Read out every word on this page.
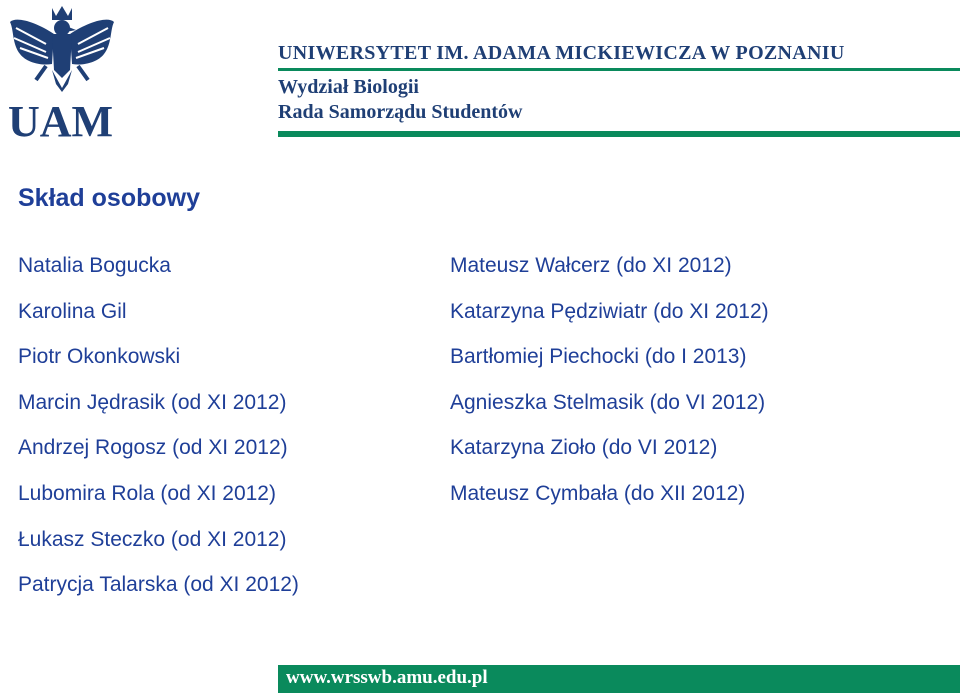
UAM
UNIWERSYTET IM. ADAMA MICKIEWICZA W POZNANIU
Wydział Biologii
Rada Samorządu Studentów
Skład osobowy
Natalia Bogucka
Karolina Gil
Piotr Okonkowski
Marcin Jędrasik (od XI 2012)
Andrzej Rogosz (od XI 2012)
Lubomira Rola (od XI 2012)
Łukasz Steczko (od XI 2012)
Patrycja Talarska (od XI 2012)
Mateusz Wałcerz (do XI 2012)
Katarzyna Pędziwiatr (do XI 2012)
Bartłomiej Piechocki (do I 2013)
Agnieszka Stelmasik (do VI 2012)
Katarzyna Zioło (do VI 2012)
Mateusz Cymbała (do XII 2012)
www.wrsswb.amu.edu.pl
